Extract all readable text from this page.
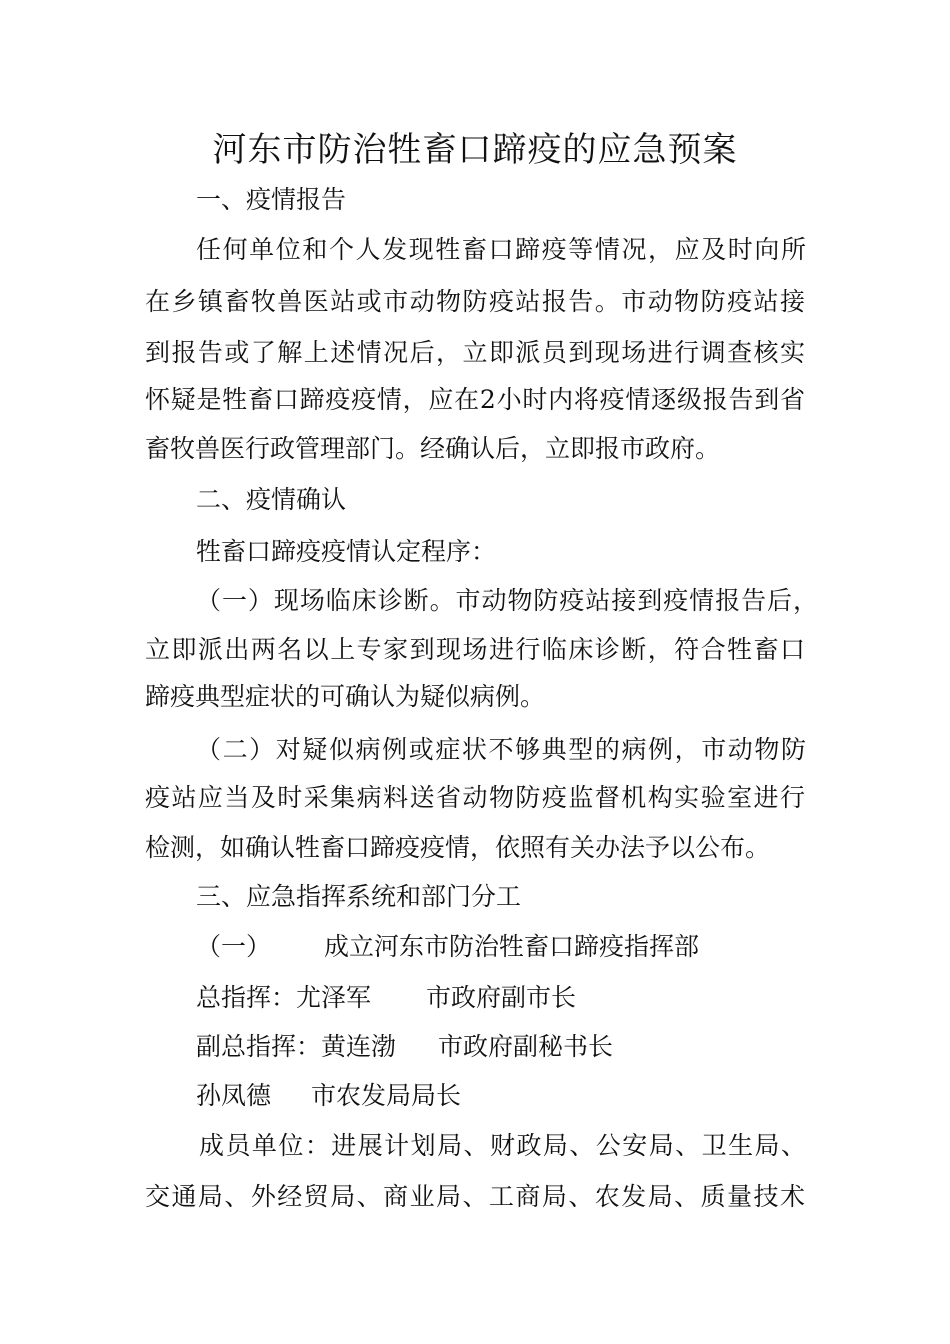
河东市防治牲畜口蹄疫的应急预案
一、疫情报告
任何单位和个人发现牲畜口蹄疫等情况，应及时向所
在乡镇畜牧兽医站或市动物防疫站报告。市动物防疫站接
到报告或了解上述情况后，立即派员到现场进行调查核实
怀疑是牲畜口蹄疫疫情，应在2小时内将疫情逐级报告到省
畜牧兽医行政管理部门。经确认后，立即报市政府。
二、疫情确认
牲畜口蹄疫疫情认定程序：
（一）现场临床诊断。市动物防疫站接到疫情报告后，
立即派出两名以上专家到现场进行临床诊断，符合牲畜口
蹄疫典型症状的可确认为疑似病例。
（二）对疑似病例或症状不够典型的病例，市动物防
疫站应当及时采集病料送省动物防疫监督机构实验室进行
检测，如确认牲畜口蹄疫疫情，依照有关办法予以公布。
三、应急指挥系统和部门分工
（一） 成立河东市防治牲畜口蹄疫指挥部
总指挥：尤泽军 市政府副市长
副总指挥：黄连渤 市政府副秘书长
孙凤德 市农发局局长
成员单位：进展计划局、财政局、公安局、卫生局、
交通局、外经贸局、商业局、工商局、农发局、质量技术
